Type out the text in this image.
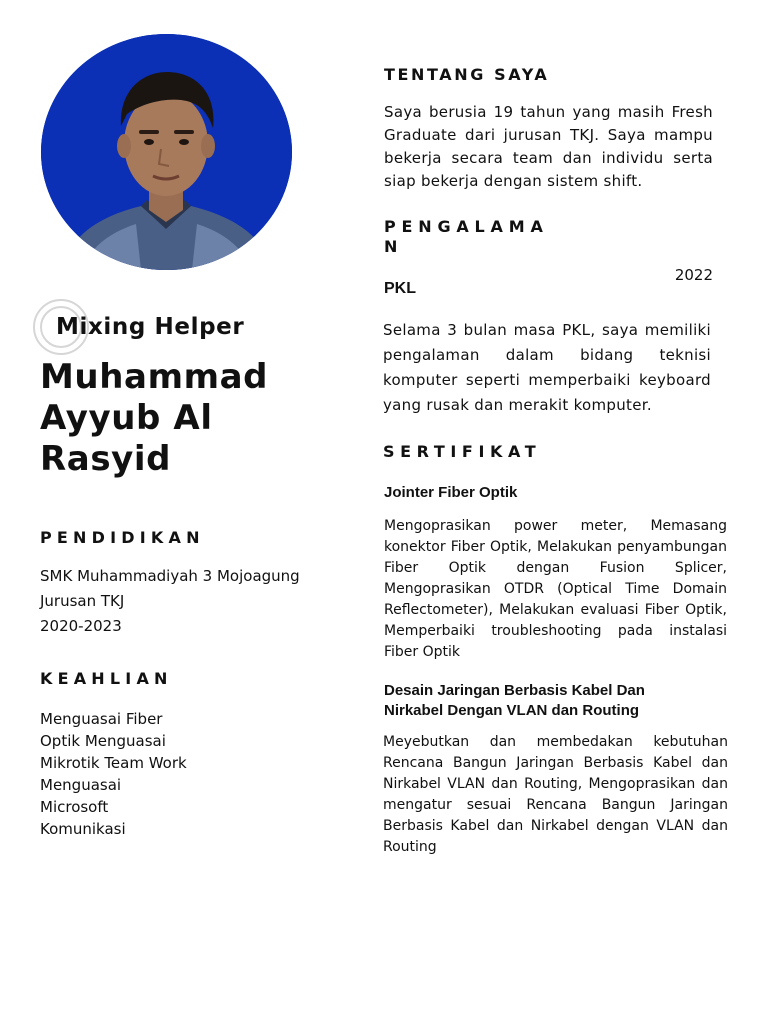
Mixing Helper
Muhammad Ayyub Al Rasyid
PENDIDIKAN
SMK Muhammadiyah 3 Mojoagung
Jurusan TKJ
2020-2023
KEAHLIAN
Menguasai Fiber
Optik Menguasai
Mikrotik Team Work
Menguasai
Microsoft
Komunikasi
TENTANG SAYA
Saya berusia 19 tahun yang masih Fresh Graduate dari jurusan TKJ. Saya mampu bekerja secara team dan individu serta siap bekerja dengan sistem shift.
PENGALAMAN
2022
PKL
Selama 3 bulan masa PKL, saya memiliki pengalaman dalam bidang teknisi komputer seperti memperbaiki keyboard yang rusak dan merakit komputer.
SERTIFIKAT
Jointer Fiber Optik
Mengoprasikan power meter, Memasang konektor Fiber Optik, Melakukan penyambungan Fiber Optik dengan Fusion Splicer, Mengoprasikan OTDR (Optical Time Domain Reflectometer), Melakukan evaluasi Fiber Optik, Memperbaiki troubleshooting pada instalasi Fiber Optik
Desain Jaringan Berbasis Kabel Dan Nirkabel Dengan VLAN dan Routing
Meyebutkan dan membedakan kebutuhan Rencana Bangun Jaringan Berbasis Kabel dan Nirkabel VLAN dan Routing, Mengoprasikan dan mengatur sesuai Rencana Bangun Jaringan Berbasis Kabel dan Nirkabel dengan VLAN dan Routing
